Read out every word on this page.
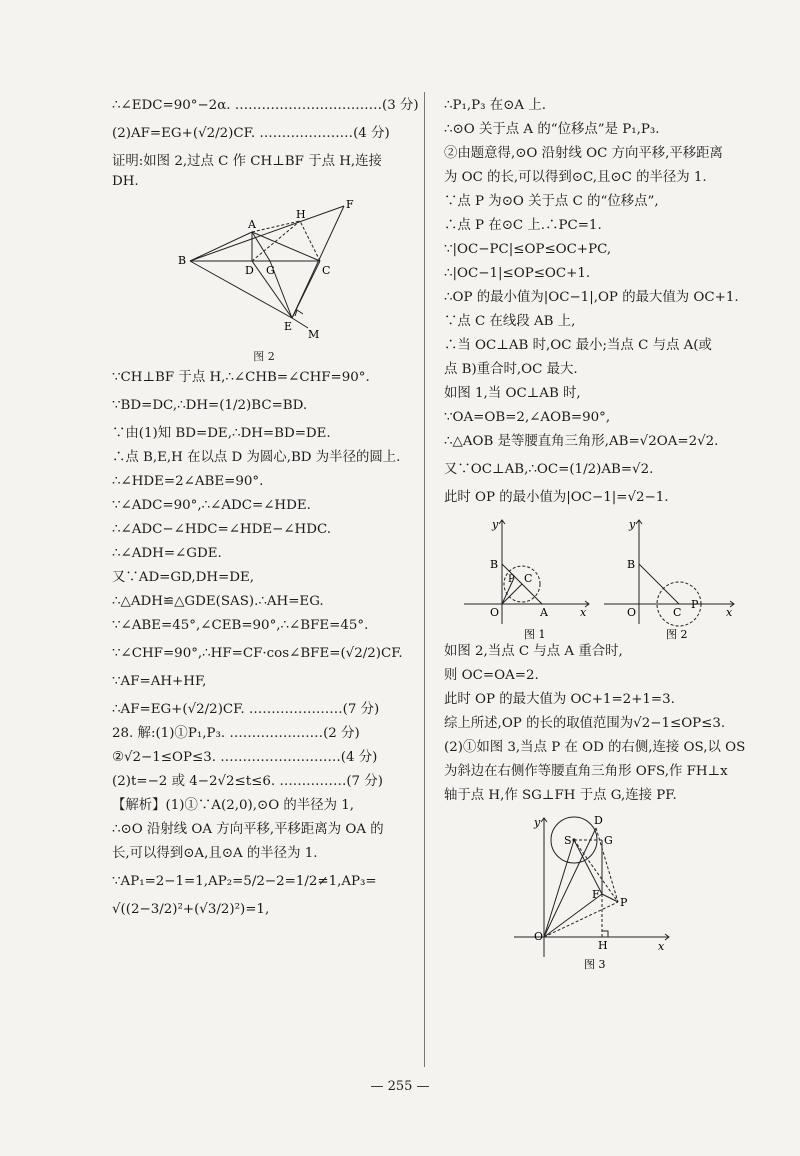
∴∠EDC=90°−2α. ……………………………(3 分)

(2)AF=EG+(√2/2)CF. …………………(4 分)

证明:如图 2,过点 C 作 CH⊥BF 于点 H,连接

DH.

A
H
F
B
D G	C
E
M
图 2

∵CH⊥BF 于点 H,∴∠CHB=∠CHF=90°.

∵BD=DC,∴DH=(1/2)BC=BD.

∵由(1)知 BD=DE,∴DH=BD=DE.

∴点 B,E,H 在以点 D 为圆心,BD 为半径的圆上.

∴∠HDE=2∠ABE=90°.

∵∠ADC=90°,∴∠ADC=∠HDE.

∴∠ADC−∠HDC=∠HDE−∠HDC.

∴∠ADH=∠GDE.

又∵AD=GD,DH=DE,

∴△ADH≌△GDE(SAS).∴AH=EG.

∵∠ABE=45°,∠CEB=90°,∴∠BFE=45°.

∵∠CHF=90°,∴HF=CF·cos∠BFE=(√2/2)CF.

∵AF=AH+HF,

∴AF=EG+(√2/2)CF. …………………(7 分)

28. 解:(1)①P₁,P₃. …………………(2 分)

②√2−1≤OP≤3. ………………………(4 分)

(2)t=−2 或 4−2√2≤t≤6. ……………(7 分)

【解析】(1)①∵A(2,0),⊙O 的半径为 1,

∴⊙O 沿射线 OA 方向平移,平移距离为 OA 的

长,可以得到⊙A,且⊙A 的半径为 1.

∵AP₁=2−1=1,AP₂=5/2−2=1/2≠1,AP₃=

√((2−3/2)²+(√3/2)²)=1,

∴P₁,P₃ 在⊙A 上.

∴⊙O 关于点 A 的“位移点”是 P₁,P₃.

②由题意得,⊙O 沿射线 OC 方向平移,平移距离

为 OC 的长,可以得到⊙C,且⊙C 的半径为 1.

∵点 P 为⊙O 关于点 C 的“位移点”,

∴点 P 在⊙C 上.∴PC=1.

∵|OC−PC|≤OP≤OC+PC,

∴|OC−1|≤OP≤OC+1.

∴OP 的最小值为|OC−1|,OP 的最大值为 OC+1.

∵点 C 在线段 AB 上,

∴当 OC⊥AB 时,OC 最小;当点 C 与点 A(或

点 B)重合时,OC 最大.

如图 1,当 OC⊥AB 时,

∵OA=OB=2,∠AOB=90°,

∴△AOB 是等腰直角三角形,AB=√2OA=2√2.

又∵OC⊥AB,∴OC=(1/2)AB=√2.

此时 OP 的最小值为|OC−1|=√2−1.

y
B
P C
O	A	x
y
B
O	C
P
x
图 1	图 2

如图 2,当点 C 与点 A 重合时,

则 OC=OA=2.

此时 OP 的最大值为 OC+1=2+1=3.

综上所述,OP 的长的取值范围为√2−1≤OP≤3.

(2)①如图 3,当点 P 在 OD 的右侧,连接 OS,以 OS

为斜边在右侧作等腰直角三角形 OFS,作 FH⊥x

轴于点 H,作 SG⊥FH 于点 G,连接 PF.

y	D
S	G
F
P
O
H	x
图 3
— 255 —
